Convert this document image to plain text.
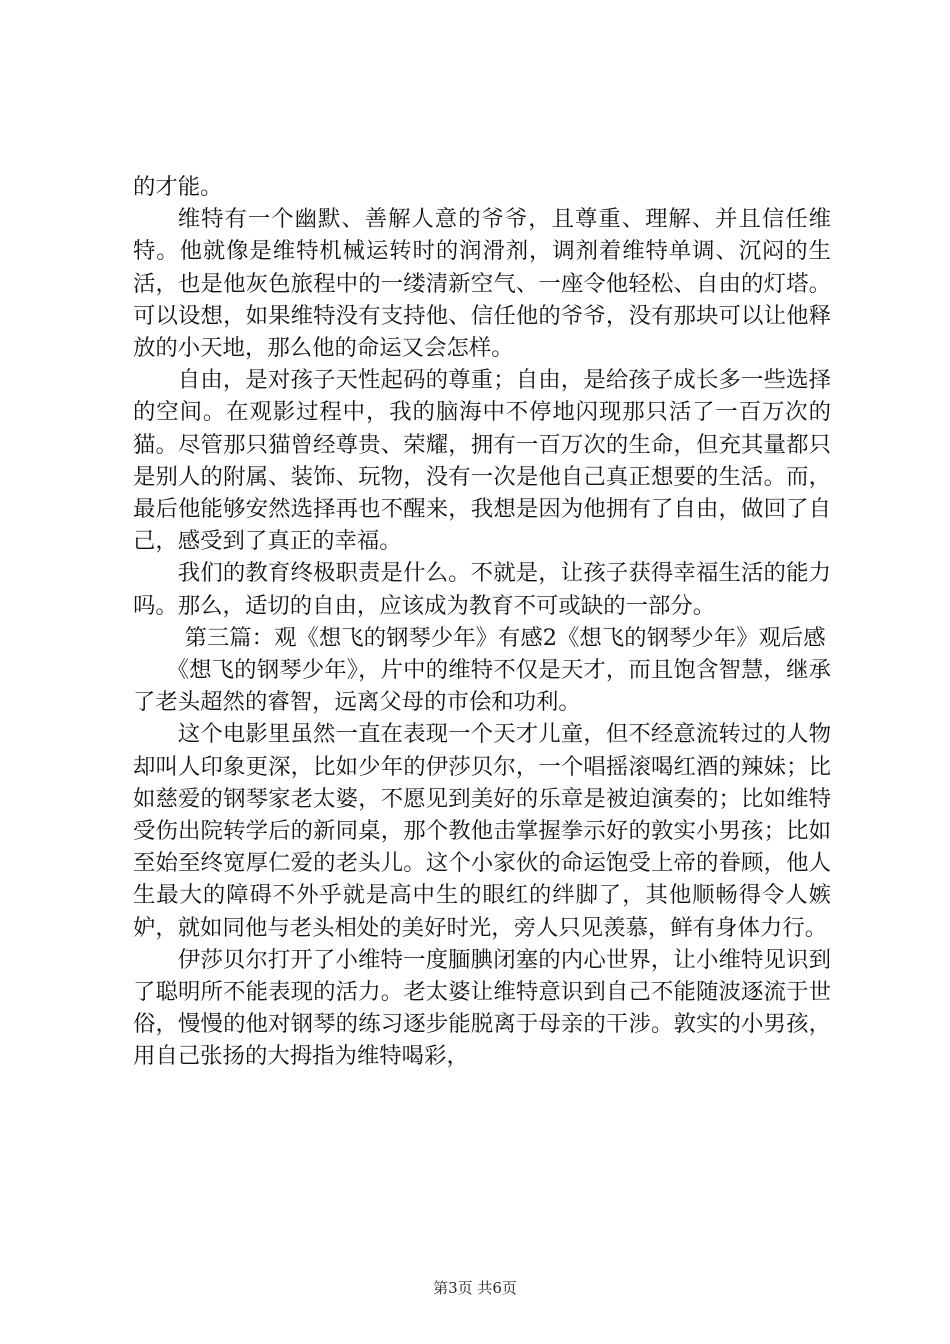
的才能。

维特有一个幽默、善解人意的爷爷，且尊重、理解、并且信任维特。他就像是维特机械运转时的润滑剂，调剂着维特单调、沉闷的生活，也是他灰色旅程中的一缕清新空气、一座令他轻松、自由的灯塔。可以设想，如果维特没有支持他、信任他的爷爷，没有那块可以让他释放的小天地，那么他的命运又会怎样。

自由，是对孩子天性起码的尊重；自由，是给孩子成长多一些选择的空间。在观影过程中，我的脑海中不停地闪现那只活了一百万次的猫。尽管那只猫曾经尊贵、荣耀，拥有一百万次的生命，但充其量都只是别人的附属、装饰、玩物，没有一次是他自己真正想要的生活。而，最后他能够安然选择再也不醒来，我想是因为他拥有了自由，做回了自己，感受到了真正的幸福。

我们的教育终极职责是什么。不就是，让孩子获得幸福生活的能力吗。那么，适切的自由，应该成为教育不可或缺的一部分。

第三篇：观《想飞的钢琴少年》有感2《想飞的钢琴少年》观后感

《想飞的钢琴少年》，片中的维特不仅是天才，而且饱含智慧，继承了老头超然的睿智，远离父母的市侩和功利。

这个电影里虽然一直在表现一个天才儿童，但不经意流转过的人物却叫人印象更深，比如少年的伊莎贝尔，一个唱摇滚喝红酒的辣妹；比如慈爱的钢琴家老太婆，不愿见到美好的乐章是被迫演奏的；比如维特受伤出院转学后的新同桌，那个教他击掌握拳示好的敦实小男孩；比如至始至终宽厚仁爱的老头儿。这个小家伙的命运饱受上帝的眷顾，他人生最大的障碍不外乎就是高中生的眼红的绊脚了，其他顺畅得令人嫉妒，就如同他与老头相处的美好时光，旁人只见羡慕，鲜有身体力行。

伊莎贝尔打开了小维特一度腼腆闭塞的内心世界，让小维特见识到了聪明所不能表现的活力。老太婆让维特意识到自己不能随波逐流于世俗，慢慢的他对钢琴的练习逐步能脱离于母亲的干涉。敦实的小男孩，用自己张扬的大拇指为维特喝彩，

第3页 共6页
